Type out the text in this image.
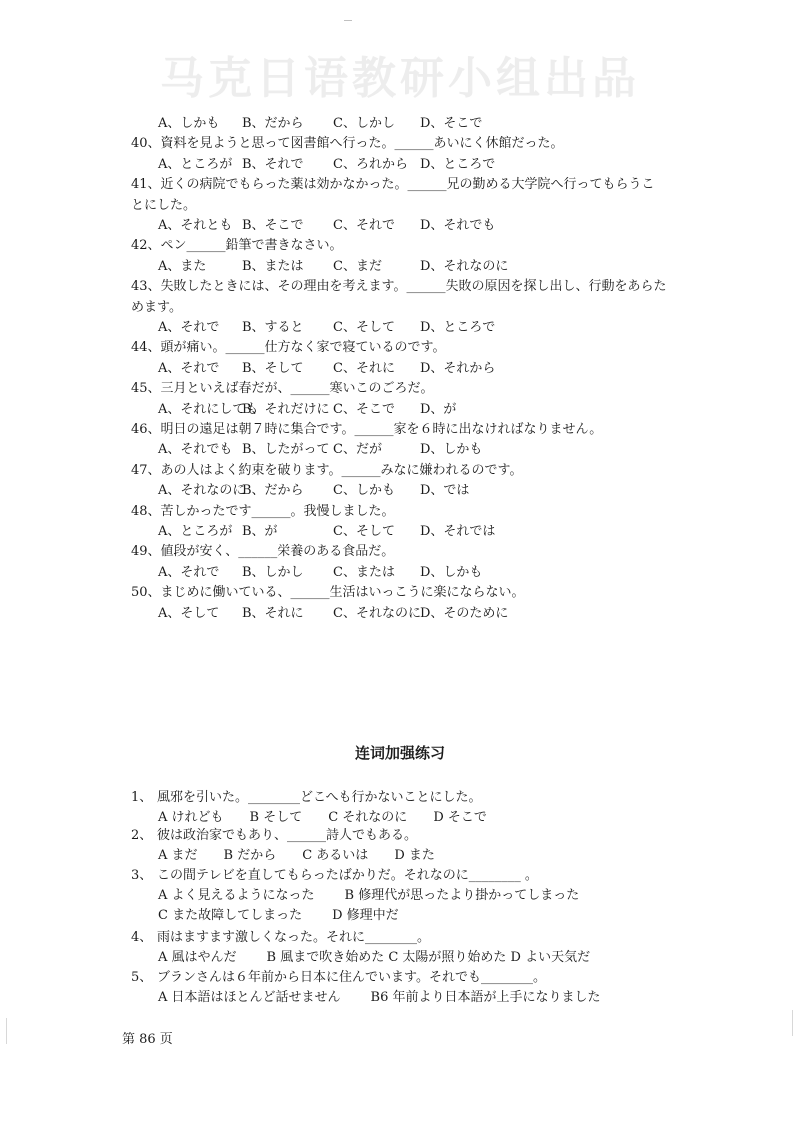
马克日语教研小组出品
A、しかも B、だから C、しかし D、そこで
40、資料を見ようと思って図書館へ行った。______あいにく休館だった。
A、ところが B、それで C、ろれから D、ところで
41、近くの病院でもらった薬は効かなかった。______兄の勤める大学院へ行ってもらうこ
とにした。
A、それとも B、そこで C、それで D、それでも
42、ペン______鉛筆で書きなさい。
A、また	B、または C、まだ	D、それなのに
43、失敗したときには、その理由を考えます。______失敗の原因を探し出し、行動をあらた
めます。
A、それで B、すると C、そして D、ところで
44、頭が痛い。______仕方なく家で寝ているのです。
A、それで B、そして C、それに D、それから
45、三月といえば春だが、______寒いこのごろだ。
A、それにしても
B、それだけに C、そこで D、が
46、明日の遠足は朝７時に集合です。______家を６時に出なければなりません。
A、それでも B、したがって C、だが	D、しかも
47、あの人はよく約束を破ります。______みなに嫌われるのです。
A、それなのに
B、だから C、しかも D、では
48、苦しかったです______。我慢しました。
A、ところが B、が	C、そして D、それでは
49、値段が安く、______栄養のある食品だ。
A、それで B、しかし C、または D、しかも
50、まじめに働いている、______生活はいっこうに楽にならない。
A、そして B、それに C、それなのに D、そのために
连词加强练习
1、 風邪を引いた。________どこへも行かないことにした。
A けれども B そして C それなのに D そこで
2、 彼は政治家でもあり、______詩人でもある。
A まだ B だから C あるいは D また
3、 この間テレビを直してもらったばかりだ。それなのに________ 。
A よく見えるようになった B 修理代が思ったより掛かってしまった
C また故障してしまった D 修理中だ
4、 雨はますます激しくなった。それに________。
A 風はやんだ B 風まで吹き始めた C 太陽が照り始めた D よい天気だ
5、 ブランさんは６年前から日本に住んでいます。それでも________。
A 日本語はほとんど話せません B6 年前より日本語が上手になりました
第 86 页
